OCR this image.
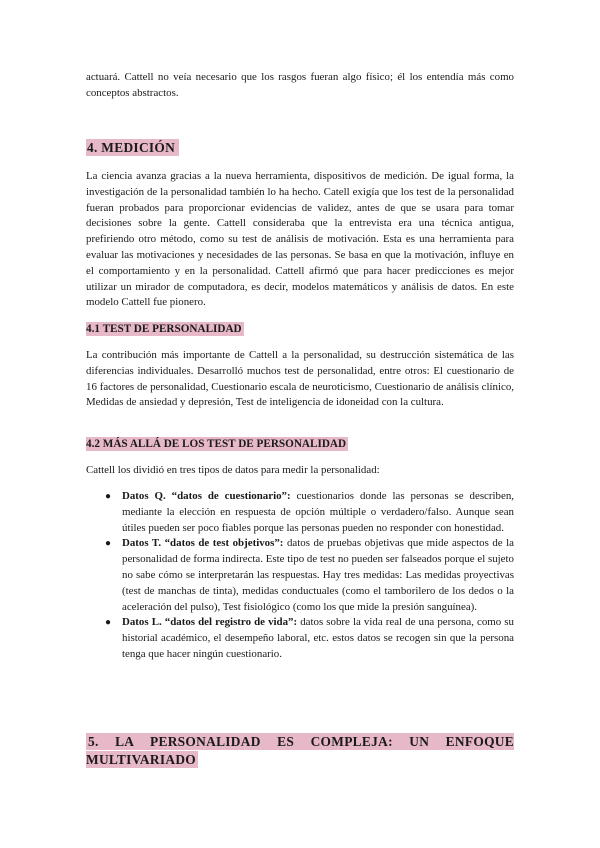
actuará. Cattell no veía necesario que los rasgos fueran algo físico; él los entendía más como conceptos abstractos.

4. MEDICIÓN

La ciencia avanza gracias a la nueva herramienta, dispositivos de medición. De igual forma, la investigación de la personalidad también lo ha hecho. Catell exigía que los test de la personalidad fueran probados para proporcionar evidencias de validez, antes de que se usara para tomar decisiones sobre la gente. Cattell consideraba que la entrevista era una técnica antigua, prefiriendo otro método, como su test de análisis de motivación. Esta es una herramienta para evaluar las motivaciones y necesidades de las personas. Se basa en que la motivación, influye en el comportamiento y en la personalidad. Cattell afirmó que para hacer predicciones es mejor utilizar un mirador de computadora, es decir, modelos matemáticos y análisis de datos. En este modelo Cattell fue pionero.

4.1 TEST DE PERSONALIDAD

La contribución más importante de Cattell a la personalidad, su destrucción sistemática de las diferencias individuales. Desarrolló muchos test de personalidad, entre otros: El cuestionario de 16 factores de personalidad, Cuestionario escala de neuroticismo, Cuestionario de análisis clínico, Medidas de ansiedad y depresión, Test de inteligencia de idoneidad con la cultura.

4.2 MÁS ALLÁ DE LOS TEST DE PERSONALIDAD

Cattell los dividió en tres tipos de datos para medir la personalidad:

● Datos Q. “datos de cuestionario”: cuestionarios donde las personas se describen, mediante la elección en respuesta de opción múltiple o verdadero/falso. Aunque sean útiles pueden ser poco fiables porque las personas pueden no responder con honestidad.
● Datos T. “datos de test objetivos”: datos de pruebas objetivas que mide aspectos de la personalidad de forma indirecta. Este tipo de test no pueden ser falseados porque el sujeto no sabe cómo se interpretarán las respuestas. Hay tres medidas: Las medidas proyectivas (test de manchas de tinta), medidas conductuales (como el tamborilero de los dedos o la aceleración del pulso), Test fisiológico (como los que mide la presión sanguínea).
● Datos L. “datos del registro de vida”: datos sobre la vida real de una persona, como su historial académico, el desempeño laboral, etc. estos datos se recogen sin que la persona tenga que hacer ningún cuestionario.
5. LA PERSONALIDAD ES COMPLEJA: UN ENFOQUE MULTIVARIADO
